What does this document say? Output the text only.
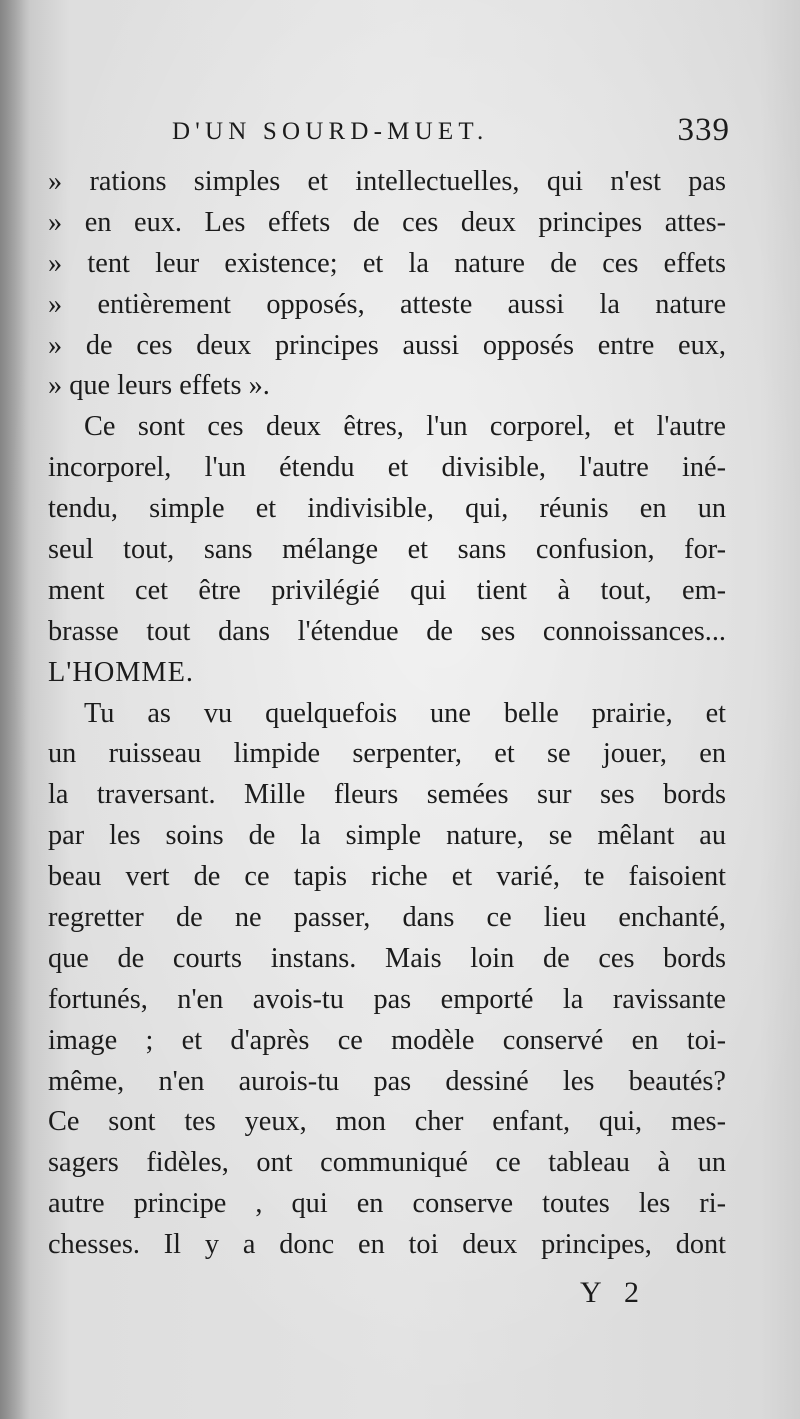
D'UN SOURD-MUET.	339
» rations simples et intellectuelles, qui n'est pas
» en eux. Les effets de ces deux principes attes-
» tent leur existence; et la nature de ces effets
» entièrement opposés, atteste aussi la nature
» de ces deux principes aussi opposés entre eux,
» que leurs effets ».
Ce sont ces deux êtres, l'un corporel, et l'autre
incorporel, l'un étendu et divisible, l'autre iné-
tendu, simple et indivisible, qui, réunis en un
seul tout, sans mélange et sans confusion, for-
ment cet être privilégié qui tient à tout, em-
brasse tout dans l'étendue de ses connoissances...
L'HOMME.
Tu as vu quelquefois une belle prairie, et
un ruisseau limpide serpenter, et se jouer, en
la traversant. Mille fleurs semées sur ses bords
par les soins de la simple nature, se mêlant au
beau vert de ce tapis riche et varié, te faisoient
regretter de ne passer, dans ce lieu enchanté,
que de courts instans. Mais loin de ces bords
fortunés, n'en avois-tu pas emporté la ravissante
image ; et d'après ce modèle conservé en toi-
même, n'en aurois-tu pas dessiné les beautés?
Ce sont tes yeux, mon cher enfant, qui, mes-
sagers fidèles, ont communiqué ce tableau à un
autre principe , qui en conserve toutes les ri-
chesses. Il y a donc en toi deux principes, dont
Y 2
